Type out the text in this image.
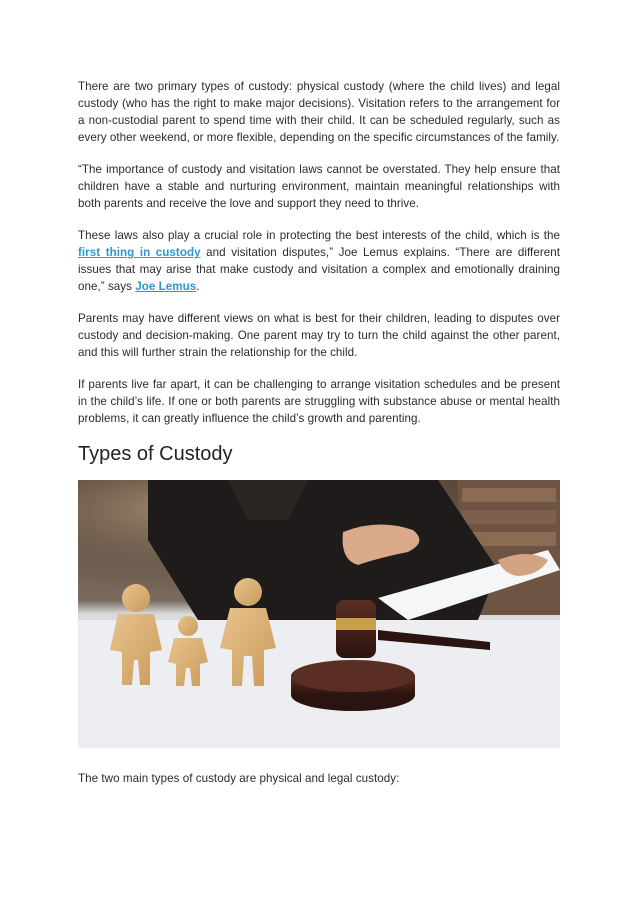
There are two primary types of custody: physical custody (where the child lives) and legal custody (who has the right to make major decisions). Visitation refers to the arrangement for a non-custodial parent to spend time with their child. It can be scheduled regularly, such as every other weekend, or more flexible, depending on the specific circumstances of the family.

“The importance of custody and visitation laws cannot be overstated. They help ensure that children have a stable and nurturing environment, maintain meaningful relationships with both parents and receive the love and support they need to thrive.

These laws also play a crucial role in protecting the best interests of the child, which is the first thing in custody and visitation disputes,” Joe Lemus explains. “There are different issues that may arise that make custody and visitation a complex and emotionally draining one,” says Joe Lemus.

Parents may have different views on what is best for their children, leading to disputes over custody and decision-making. One parent may try to turn the child against the other parent, and this will further strain the relationship for the child.

If parents live far apart, it can be challenging to arrange visitation schedules and be present in the child’s life. If one or both parents are struggling with substance abuse or mental health problems, it can greatly influence the child’s growth and parenting.

Types of Custody

The two main types of custody are physical and legal custody:
